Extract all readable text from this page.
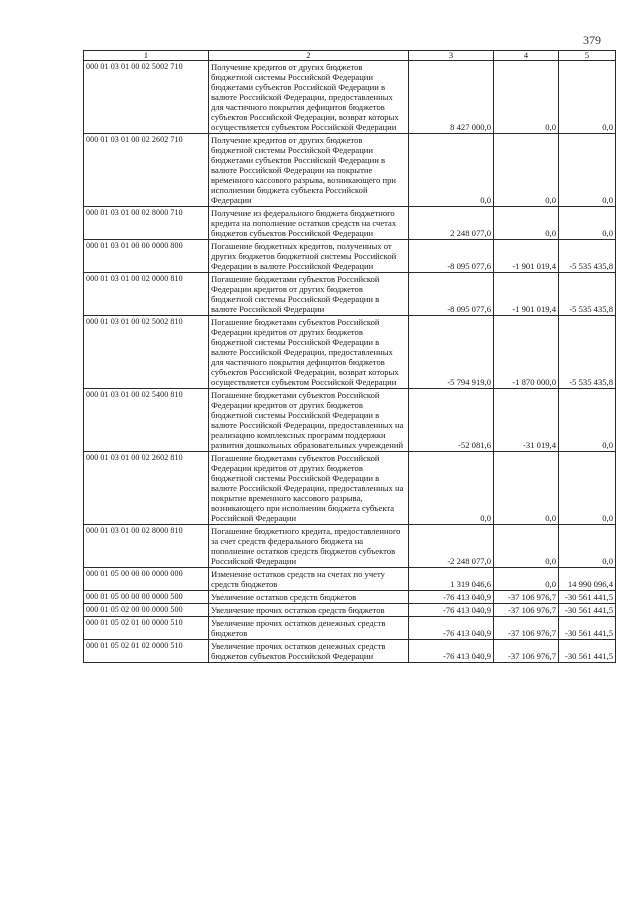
379
1	2	3	4	5
000 01 03 01 00 02 5002 710	Получение кредитов от других бюджетов бюджетной системы Российской Федерации бюджетами субъектов Российской Федерации в валюте Российской Федерации, предоставленных для частичного покрытия дефицитов бюджетов субъектов Российской Федерации, возврат которых осуществляется субъектом Российской Федерации	8 427 000,0	0,0	0,0
000 01 03 01 00 02 2602 710	Получение кредитов от других бюджетов бюджетной системы Российской Федерации бюджетами субъектов Российской Федерации в валюте Российской Федерации на покрытие временного кассового разрыва, возникающего при исполнении бюджета субъекта Российской Федерации	0,0	0,0	0,0
000 01 03 01 00 02 8000 710	Получение из федерального бюджета бюджетного кредита на пополнение остатков средств на счетах бюджетов субъектов Российской Федерации	2 248 077,0	0,0	0,0
000 01 03 01 00 00 0000 800	Погашение бюджетных кредитов, полученных от других бюджетов бюджетной системы Российской Федерации в валюте Российской Федерации	-8 095 077,6	-1 901 019,4	-5 535 435,8
000 01 03 01 00 02 0000 810	Погашение бюджетами субъектов Российской Федерации кредитов от других бюджетов бюджетной системы Российской Федерации в валюте Российской Федерации	-8 095 077,6	-1 901 019,4	-5 535 435,8
000 01 03 01 00 02 5002 810	Погашение бюджетами субъектов Российской Федерации кредитов от других бюджетов бюджетной системы Российской Федерации в валюте Российской Федерации, предоставленных для частичного покрытия дефицитов бюджетов субъектов Российской Федерации, возврат которых осуществляется субъектом Российской Федерации	-5 794 919,0	-1 870 000,0	-5 535 435,8
000 01 03 01 00 02 5400 810	Погашение бюджетами субъектов Российской Федерации кредитов от других бюджетов бюджетной системы Российской Федерации в валюте Российской Федерации, предоставленных на реализацию комплексных программ поддержки развития дошкольных образовательных учреждений	-52 081,6	-31 019,4	0,0
000 01 03 01 00 02 2602 810	Погашение бюджетами субъектов Российской Федерации кредитов от других бюджетов бюджетной системы Российской Федерации в валюте Российской Федерации, предоставленных на покрытие временного кассового разрыва, возникающего при исполнении бюджета субъекта Российской Федерации	0,0	0,0	0,0
000 01 03 01 00 02 8000 810	Погашение бюджетного кредита, предоставленного за счет средств федерального бюджета на пополнение остатков средств бюджетов субъектов Российской Федерации	-2 248 077,0	0,0	0,0
000 01 05 00 00 00 0000 000	Изменение остатков средств на счетах по учету средств бюджетов	1 319 046,6	0,0	14 990 096,4
000 01 05 00 00 00 0000 500	Увеличение остатков средств бюджетов	-76 413 040,9	-37 106 976,7	-30 561 441,5
000 01 05 02 00 00 0000 500	Увеличение прочих остатков средств бюджетов	-76 413 040,9	-37 106 976,7	-30 561 441,5
000 01 05 02 01 00 0000 510	Увеличение прочих остатков денежных средств бюджетов	-76 413 040,9	-37 106 976,7	-30 561 441,5
000 01 05 02 01 02 0000 510	Увеличение прочих остатков денежных средств бюджетов субъектов Российской Федерации	-76 413 040,9	-37 106 976,7	-30 561 441,5
